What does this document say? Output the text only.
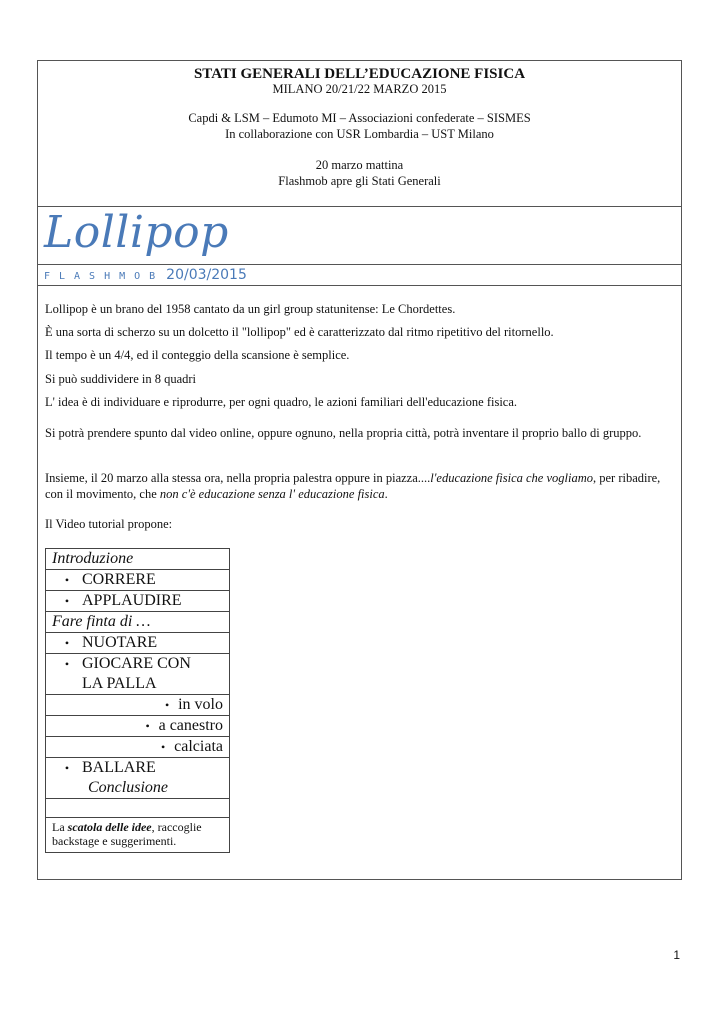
STATI GENERALI DELL’EDUCAZIONE FISICA
MILANO 20/21/22 MARZO 2015
Capdi & LSM – Edumoto MI – Associazioni confederate – SISMES
In collaborazione con USR Lombardia – UST Milano
20 marzo mattina
Flashmob apre gli Stati Generali
Lollipop
FLASHMOB 20/03/2015
Lollipop è un brano del 1958 cantato da un girl group statunitense: Le Chordettes.
È una sorta di scherzo su un dolcetto il "lollipop" ed è caratterizzato dal ritmo ripetitivo del ritornello.
Il tempo è un 4/4, ed il conteggio della scansione è semplice.
Si può suddividere in 8 quadri
L' idea è di individuare e riprodurre, per ogni quadro, le azioni familiari dell'educazione fisica.
Si potrà prendere spunto dal video online, oppure ognuno, nella propria città, potrà inventare il proprio ballo di gruppo.
Insieme, il 20 marzo alla stessa ora, nella propria palestra oppure in piazza....l'educazione fisica che vogliamo, per ribadire, con il movimento, che non c'è educazione senza l' educazione fisica.
Il Video tutorial propone:
Introduzione

• CORRERE

• APPLAUDIRE

Fare finta di …

• NUOTARE

• GIOCARE CON LA PALLA

• in volo
• a canestro
• calciata

• BALLARE
Conclusione

La scatola delle idee, raccoglie backstage e suggerimenti.
1
